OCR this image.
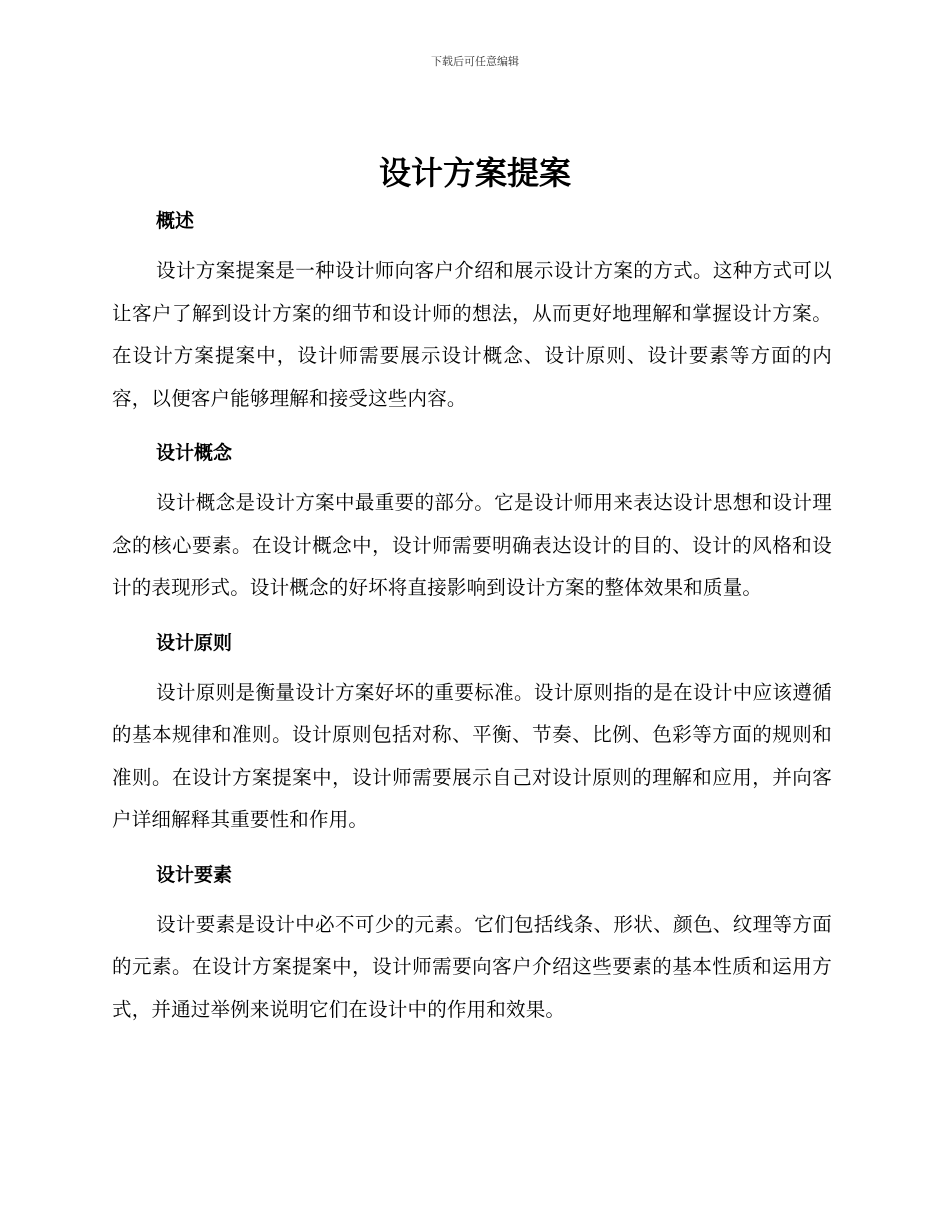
下载后可任意编辑
设计方案提案
概述

设计方案提案是一种设计师向客户介绍和展示设计方案的方式。这种方式可以让客户了解到设计方案的细节和设计师的想法，从而更好地理解和掌握设计方案。在设计方案提案中，设计师需要展示设计概念、设计原则、设计要素等方面的内容，以便客户能够理解和接受这些内容。

设计概念

设计概念是设计方案中最重要的部分。它是设计师用来表达设计思想和设计理念的核心要素。在设计概念中，设计师需要明确表达设计的目的、设计的风格和设计的表现形式。设计概念的好坏将直接影响到设计方案的整体效果和质量。

设计原则

设计原则是衡量设计方案好坏的重要标准。设计原则指的是在设计中应该遵循的基本规律和准则。设计原则包括对称、平衡、节奏、比例、色彩等方面的规则和准则。在设计方案提案中，设计师需要展示自己对设计原则的理解和应用，并向客户详细解释其重要性和作用。

设计要素

设计要素是设计中必不可少的元素。它们包括线条、形状、颜色、纹理等方面的元素。在设计方案提案中，设计师需要向客户介绍这些要素的基本性质和运用方式，并通过举例来说明它们在设计中的作用和效果。
